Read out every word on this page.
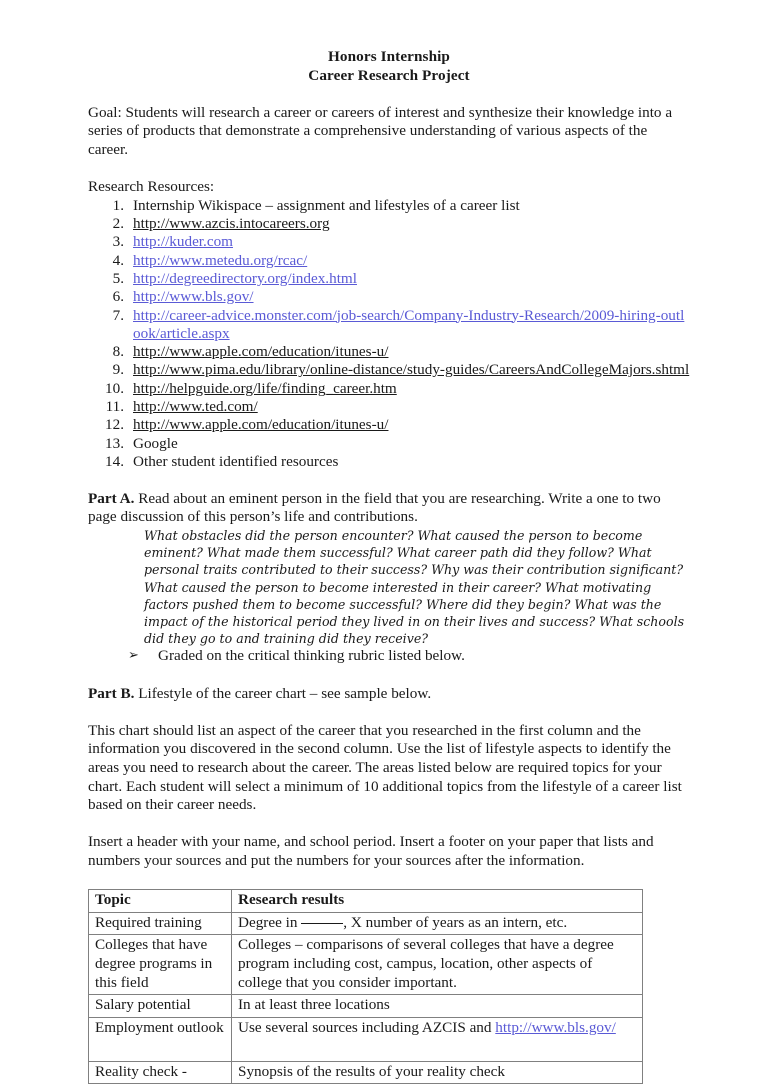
Honors Internship
Career Research Project

Goal: Students will research a career or careers of interest and synthesize their knowledge into a series of products that demonstrate a comprehensive understanding of various aspects of the career.

Research Resources:
1. Internship Wikispace – assignment and lifestyles of a career list
2. http://www.azcis.intocareers.org
3. http://kuder.com
4. http://www.metedu.org/rcac/
5. http://degreedirectory.org/index.html
6. http://www.bls.gov/
7. http://career-advice.monster.com/job-search/Company-Industry-Research/2009-hiring-outlook/article.aspx
8. http://www.apple.com/education/itunes-u/
9. http://www.pima.edu/library/online-distance/study-guides/CareersAndCollegeMajors.shtml
10. http://helpguide.org/life/finding_career.htm
11. http://www.ted.com/
12. http://www.apple.com/education/itunes-u/
13. Google
14. Other student identified resources

Part A. Read about an eminent person in the field that you are researching. Write a one to two page discussion of this person’s life and contributions.

What obstacles did the person encounter? What caused the person to become eminent? What made them successful? What career path did they follow? What personal traits contributed to their success? Why was their contribution significant? What caused the person to become interested in their career? What motivating factors pushed them to become successful? Where did they begin? What was the impact of the historical period they lived in on their lives and success? What schools did they go to and training did they receive?

➢ Graded on the critical thinking rubric listed below.

Part B. Lifestyle of the career chart – see sample below.

This chart should list an aspect of the career that you researched in the first column and the information you discovered in the second column. Use the list of lifestyle aspects to identify the areas you need to research about the career. The areas listed below are required topics for your chart. Each student will select a minimum of 10 additional topics from the lifestyle of a career list based on their career needs.

Insert a header with your name, and school period. Insert a footer on your paper that lists and numbers your sources and put the numbers for your sources after the information.

Topic	Research results
Required training	Degree in , X number of years as an intern, etc.
Colleges that have degree programs in this field	Colleges – comparisons of several colleges that have a degree program including cost, campus, location, other aspects of college that you consider important.
Salary potential	In at least three locations
Employment outlook	Use several sources including AZCIS and http://www.bls.gov/
Reality check -	Synopsis of the results of your reality check
